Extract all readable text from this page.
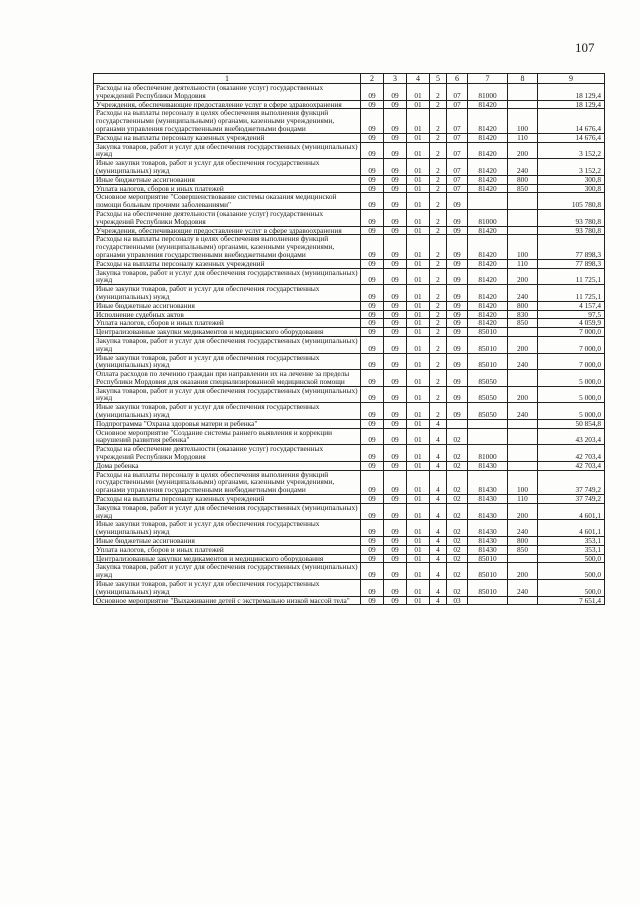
107
1	2	3	4	5	6	7	8	9
Расходы на обеспечение деятельности (оказание услуг) государственных учреждений Республики Мордовия	09	09	01	2	07	81000		18 129,4
Учреждения, обеспечивающие предоставление услуг в сфере здравоохранения	09	09	01	2	07	81420		18 129,4
Расходы на выплаты персоналу в целях обеспечения выполнения функций государственными (муниципальными) органами, казенными учреждениями, органами управления государственными внебюджетными фондами	09	09	01	2	07	81420	100	14 676,4
Расходы на выплаты персоналу казенных учреждений	09	09	01	2	07	81420	110	14 676,4
Закупка товаров, работ и услуг для обеспечения государственных (муниципальных) нужд	09	09	01	2	07	81420	200	3 152,2
Иные закупки товаров, работ и услуг для обеспечения государственных (муниципальных) нужд	09	09	01	2	07	81420	240	3 152,2
Иные бюджетные ассигнования	09	09	01	2	07	81420	800	300,8
Уплата налогов, сборов и иных платежей	09	09	01	2	07	81420	850	300,8
Основное мероприятие "Совершенствование системы оказания медицинской помощи больным прочими заболеваниями"	09	09	01	2	09			105 780,8
Расходы на обеспечение деятельности (оказание услуг) государственных учреждений Республики Мордовия	09	09	01	2	09	81000		93 780,8
Учреждения, обеспечивающие предоставление услуг в сфере здравоохранения	09	09	01	2	09	81420		93 780,8
Расходы на выплаты персоналу в целях обеспечения выполнения функций государственными (муниципальными) органами, казенными учреждениями, органами управления государственными внебюджетными фондами	09	09	01	2	09	81420	100	77 898,3
Расходы на выплаты персоналу казенных учреждений	09	09	01	2	09	81420	110	77 898,3
Закупка товаров, работ и услуг для обеспечения государственных (муниципальных) нужд	09	09	01	2	09	81420	200	11 725,1
Иные закупки товаров, работ и услуг для обеспечения государственных (муниципальных) нужд	09	09	01	2	09	81420	240	11 725,1
Иные бюджетные ассигнования	09	09	01	2	09	81420	800	4 157,4
Исполнение судебных актов	09	09	01	2	09	81420	830	97,5
Уплата налогов, сборов и иных платежей	09	09	01	2	09	81420	850	4 059,9
Централизованные закупки медикаментов и медицинского оборудования	09	09	01	2	09	85010		7 000,0
Закупка товаров, работ и услуг для обеспечения государственных (муниципальных) нужд	09	09	01	2	09	85010	200	7 000,0
Иные закупки товаров, работ и услуг для обеспечения государственных (муниципальных) нужд	09	09	01	2	09	85010	240	7 000,0
Оплата расходов по лечению граждан при направлении их на лечение за пределы Республики Мордовия для оказания специализированной медицинской помощи	09	09	01	2	09	85050		5 000,0
Закупка товаров, работ и услуг для обеспечения государственных (муниципальных) нужд	09	09	01	2	09	85050	200	5 000,0
Иные закупки товаров, работ и услуг для обеспечения государственных (муниципальных) нужд	09	09	01	2	09	85050	240	5 000,0
Подпрограмма "Охрана здоровья матери и ребенка"	09	09	01	4				50 854,8
Основное мероприятие "Создание системы раннего выявления и коррекции нарушений развития ребенка"	09	09	01	4	02			43 203,4
Расходы на обеспечение деятельности (оказание услуг) государственных учреждений Республики Мордовия	09	09	01	4	02	81000		42 703,4
Дома ребенка	09	09	01	4	02	81430		42 703,4
Расходы на выплаты персоналу в целях обеспечения выполнения функций государственными (муниципальными) органами, казенными учреждениями, органами управления государственными внебюджетными фондами	09	09	01	4	02	81430	100	37 749,2
Расходы на выплаты персоналу казенных учреждений	09	09	01	4	02	81430	110	37 749,2
Закупка товаров, работ и услуг для обеспечения государственных (муниципальных) нужд	09	09	01	4	02	81430	200	4 601,1
Иные закупки товаров, работ и услуг для обеспечения государственных (муниципальных) нужд	09	09	01	4	02	81430	240	4 601,1
Иные бюджетные ассигнования	09	09	01	4	02	81430	800	353,1
Уплата налогов, сборов и иных платежей	09	09	01	4	02	81430	850	353,1
Централизованные закупки медикаментов и медицинского оборудования	09	09	01	4	02	85010		500,0
Закупка товаров, работ и услуг для обеспечения государственных (муниципальных) нужд	09	09	01	4	02	85010	200	500,0
Иные закупки товаров, работ и услуг для обеспечения государственных (муниципальных) нужд	09	09	01	4	02	85010	240	500,0
Основное мероприятие "Выхаживание детей с экстремально низкой массой тела"	09	09	01	4	03			7 651,4
